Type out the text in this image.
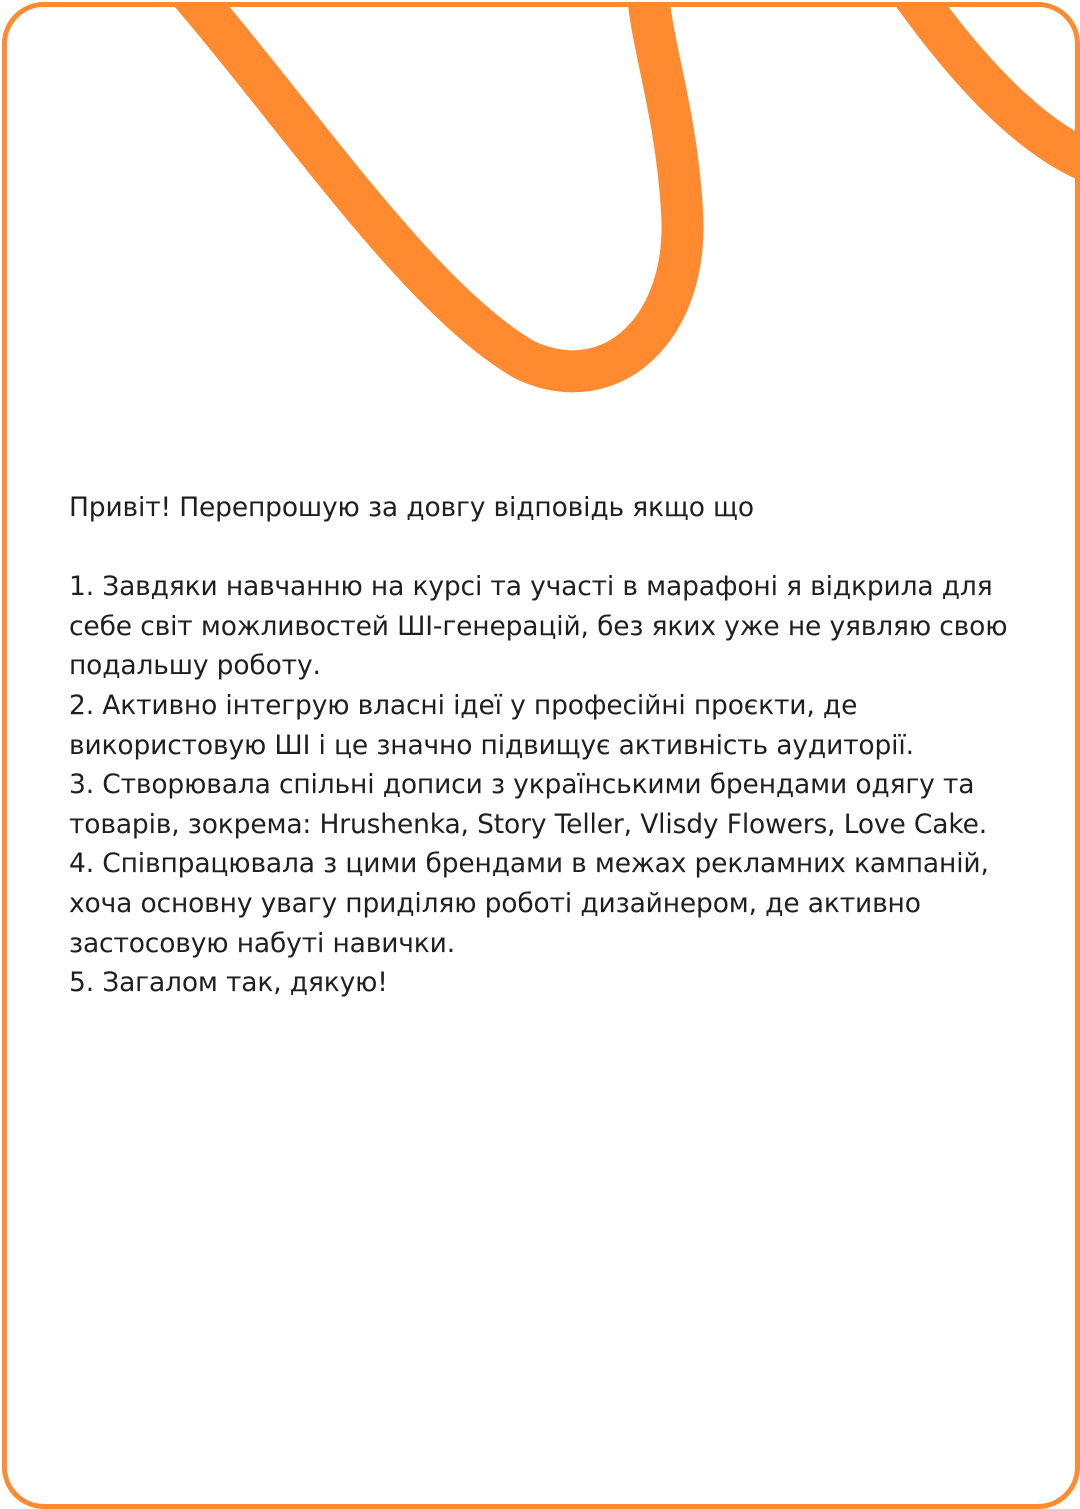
Привіт! Перепрошую за довгу відповідь якщо що

1. Завдяки навчанню на курсі та участі в марафоні я відкрила для себе світ можливостей ШІ-генерацій, без яких уже не уявляю свою подальшу роботу.

2. Активно інтегрую власні ідеї у професійні проєкти, де використовую ШІ і це значно підвищує активність аудиторії.

3. Створювала спільні дописи з українськими брендами одягу та товарів, зокрема: Hrushenka, Story Teller, Vlisdy Flowers, Love Cake.

4. Співпрацювала з цими брендами в межах рекламних кампаній, хоча основну увагу приділяю роботі дизайнером, де активно застосовую набуті навички.

5. Загалом так, дякую!
